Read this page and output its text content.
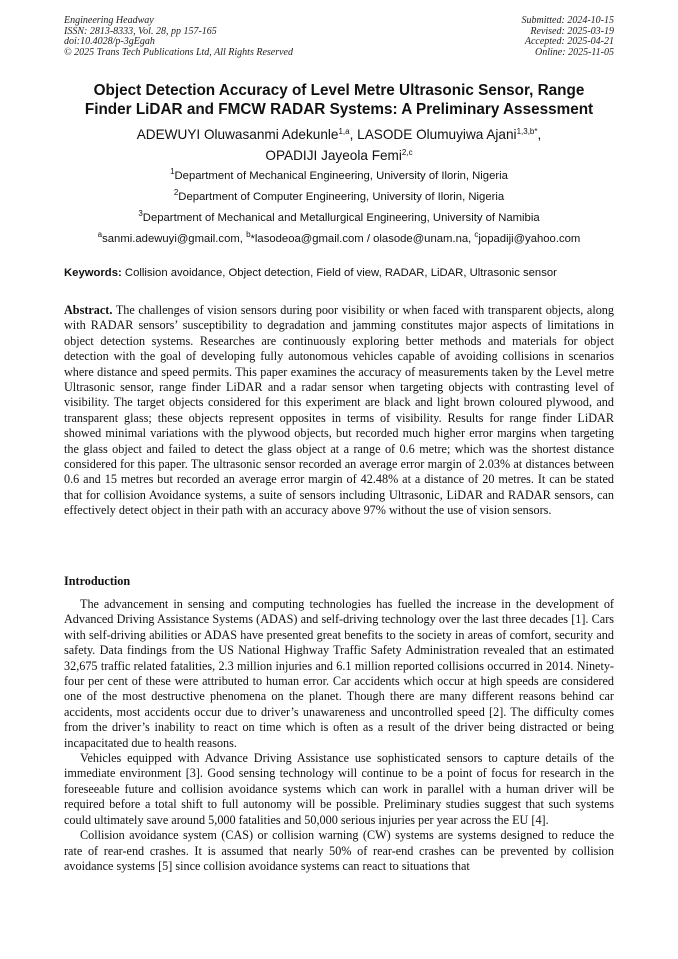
Engineering Headway
ISSN: 2813-8333, Vol. 28, pp 157-165
doi:10.4028/p-3gEgah
© 2025 Trans Tech Publications Ltd, All Rights Reserved
Submitted: 2024-10-15
Revised: 2025-03-19
Accepted: 2025-04-21
Online: 2025-11-05
Object Detection Accuracy of Level Metre Ultrasonic Sensor, Range
Finder LiDAR and FMCW RADAR Systems: A Preliminary Assessment
ADEWUYI Oluwasanmi Adekunle$^{1,a}$, LASODE Olumuyiwa Ajani$^{1,3,b*}$,
OPADIJI Jayeola Femi$^{2,c}$
$^1$Department of Mechanical Engineering, University of Ilorin, Nigeria
$^2$Department of Computer Engineering, University of Ilorin, Nigeria
$^3$Department of Mechanical and Metallurgical Engineering, University of Namibia
$^a$sanmi.adewuyi@gmail.com, $^b$*lasodeoa@gmail.com / olasode@unam.na, $^c$jopadiji@yahoo.com
Keywords: Collision avoidance, Object detection, Field of view, RADAR, LiDAR, Ultrasonic sensor
Abstract. The challenges of vision sensors during poor visibility or when faced with transparent objects, along with RADAR sensors’ susceptibility to degradation and jamming constitutes major aspects of limitations in object detection systems. Researches are continuously exploring better methods and materials for object detection with the goal of developing fully autonomous vehicles capable of avoiding collisions in scenarios where distance and speed permits. This paper examines the accuracy of measurements taken by the Level metre Ultrasonic sensor, range finder LiDAR and a radar sensor when targeting objects with contrasting level of visibility. The target objects considered for this experiment are black and light brown coloured plywood, and transparent glass; these objects represent opposites in terms of visibility. Results for range finder LiDAR showed minimal variations with the plywood objects, but recorded much higher error margins when targeting the glass object and failed to detect the glass object at a range of 0.6 metre; which was the shortest distance considered for this paper. The ultrasonic sensor recorded an average error margin of 2.03% at distances between 0.6 and 15 metres but recorded an average error margin of 42.48% at a distance of 20 metres. It can be stated that for collision Avoidance systems, a suite of sensors including Ultrasonic, LiDAR and RADAR sensors, can effectively detect object in their path with an accuracy above 97% without the use of vision sensors.
Introduction

The advancement in sensing and computing technologies has fuelled the increase in the development of Advanced Driving Assistance Systems (ADAS) and self-driving technology over the last three decades [1]. Cars with self-driving abilities or ADAS have presented great benefits to the society in areas of comfort, security and safety. Data findings from the US National Highway Traffic Safety Administration revealed that an estimated 32,675 traffic related fatalities, 2.3 million injuries and 6.1 million reported collisions occurred in 2014. Ninety-four per cent of these were attributed to human error. Car accidents which occur at high speeds are considered one of the most destructive phenomena on the planet. Though there are many different reasons behind car accidents, most accidents occur due to driver’s unawareness and uncontrolled speed [2]. The difficulty comes from the driver’s inability to react on time which is often as a result of the driver being distracted or being incapacitated due to health reasons.

Vehicles equipped with Advance Driving Assistance use sophisticated sensors to capture details of the immediate environment [3]. Good sensing technology will continue to be a point of focus for research in the foreseeable future and collision avoidance systems which can work in parallel with a human driver will be required before a total shift to full autonomy will be possible. Preliminary studies suggest that such systems could ultimately save around 5,000 fatalities and 50,000 serious injuries per year across the EU [4].

Collision avoidance system (CAS) or collision warning (CW) systems are systems designed to reduce the rate of rear-end crashes. It is assumed that nearly 50% of rear-end crashes can be prevented by collision avoidance systems [5] since collision avoidance systems can react to situations that
